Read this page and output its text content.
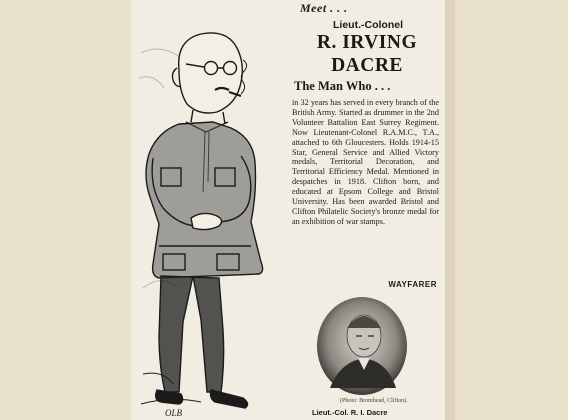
OLB
Meet . . .
Lieut.-Colonel
R. IRVING
DACRE
The Man Who . . .

in 32 years has served in every branch of the British Army. Started as drummer in the 2nd Volunteer Battalion East Surrey Regiment. Now Lieutenant-Colonel R.A.M.C., T.A., attached to 6th Gloucesters. Holds 1914-15 Star, General Service and Allied Victory medals, Territorial Decoration, and Territorial Efficiency Medal. Mentioned in despatches in 1918. Clifton born, and educated at Epsom College and Bristol University. Has been awarded Bristol and Clifton Philatelic Society's bronze medal for an exhibition of war stamps.

WAYFARER
(Photo: Bromhead, Clifton).
Lieut.-Col. R. I. Dacre
